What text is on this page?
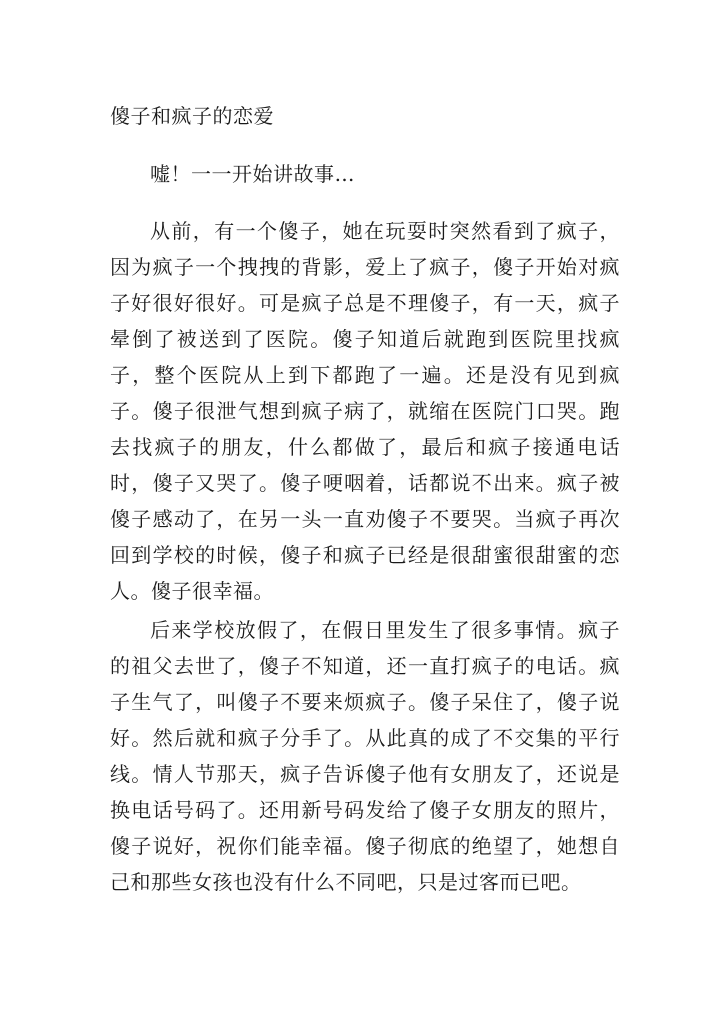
傻子和疯子的恋爱
嘘！一一开始讲故事…
从前，有一个傻子，她在玩耍时突然看到了疯子，因为疯子一个拽拽的背影，爱上了疯子，傻子开始对疯子好很好很好。可是疯子总是不理傻子，有一天，疯子晕倒了被送到了医院。傻子知道后就跑到医院里找疯子，整个医院从上到下都跑了一遍。还是没有见到疯子。傻子很泄气想到疯子病了，就缩在医院门口哭。跑去找疯子的朋友，什么都做了，最后和疯子接通电话时，傻子又哭了。傻子哽咽着，话都说不出来。疯子被傻子感动了，在另一头一直劝傻子不要哭。当疯子再次回到学校的时候，傻子和疯子已经是很甜蜜很甜蜜的恋人。傻子很幸福。
后来学校放假了，在假日里发生了很多事情。疯子的祖父去世了，傻子不知道，还一直打疯子的电话。疯子生气了，叫傻子不要来烦疯子。傻子呆住了，傻子说好。然后就和疯子分手了。从此真的成了不交集的平行线。情人节那天，疯子告诉傻子他有女朋友了，还说是换电话号码了。还用新号码发给了傻子女朋友的照片，傻子说好，祝你们能幸福。傻子彻底的绝望了，她想自己和那些女孩也没有什么不同吧，只是过客而已吧。
